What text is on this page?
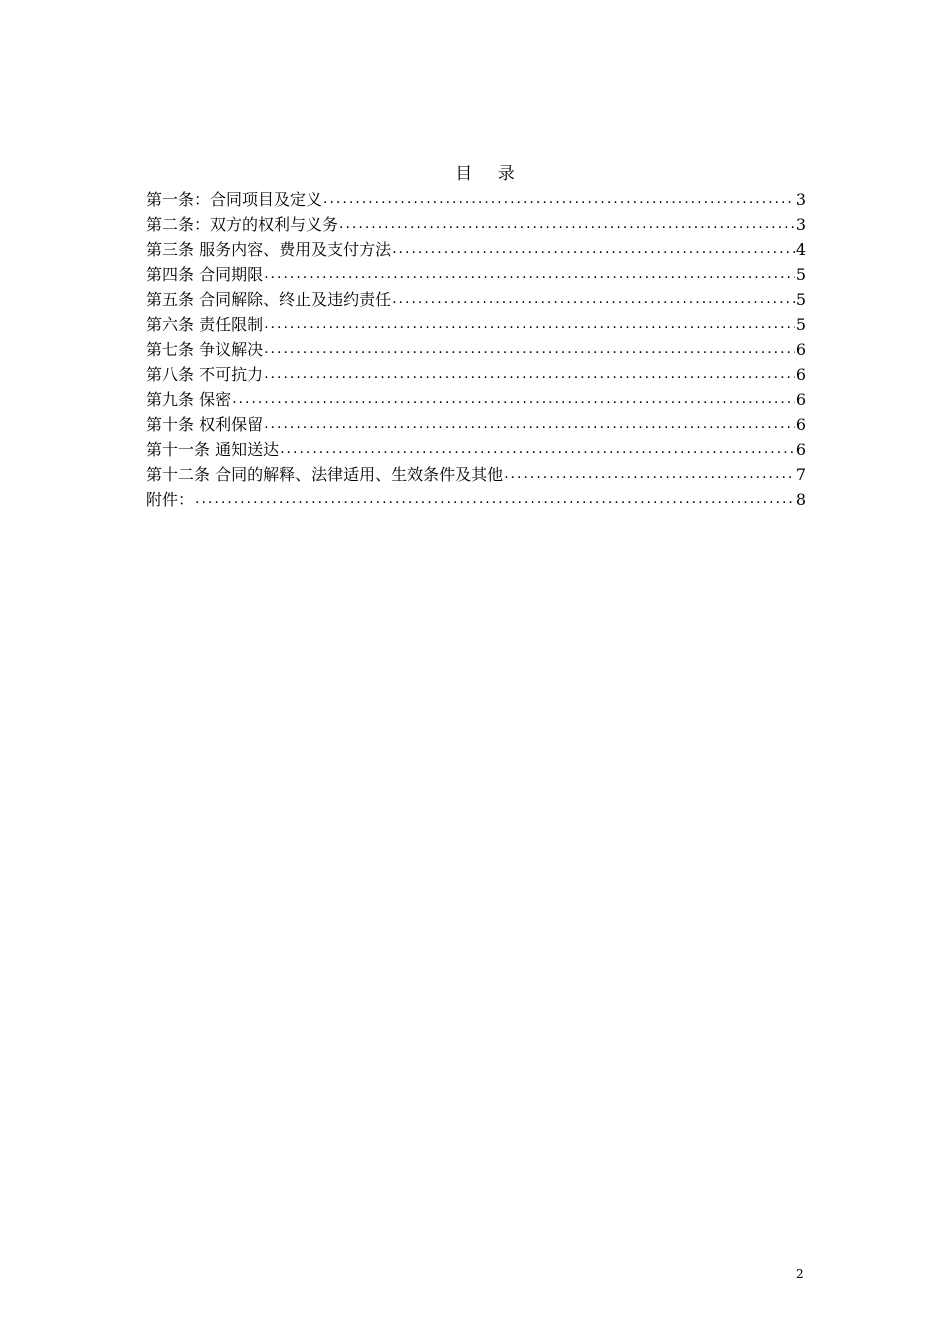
目 录
第一条：合同项目及定义 .....	3
第二条：双方的权利与义务 .....	3
第三条 服务内容、费用及支付方法 .....	4
第四条 合同期限 .....	5
第五条 合同解除、终止及违约责任 .....	5
第六条 责任限制 .....	5
第七条 争议解决 .....	6
第八条 不可抗力 .....	6
第九条 保密 .....	6
第十条 权利保留 .....	6
第十一条 通知送达 .....	6
第十二条 合同的解释、法律适用、生效条件及其他 .....	7
附件： .....	8
2
